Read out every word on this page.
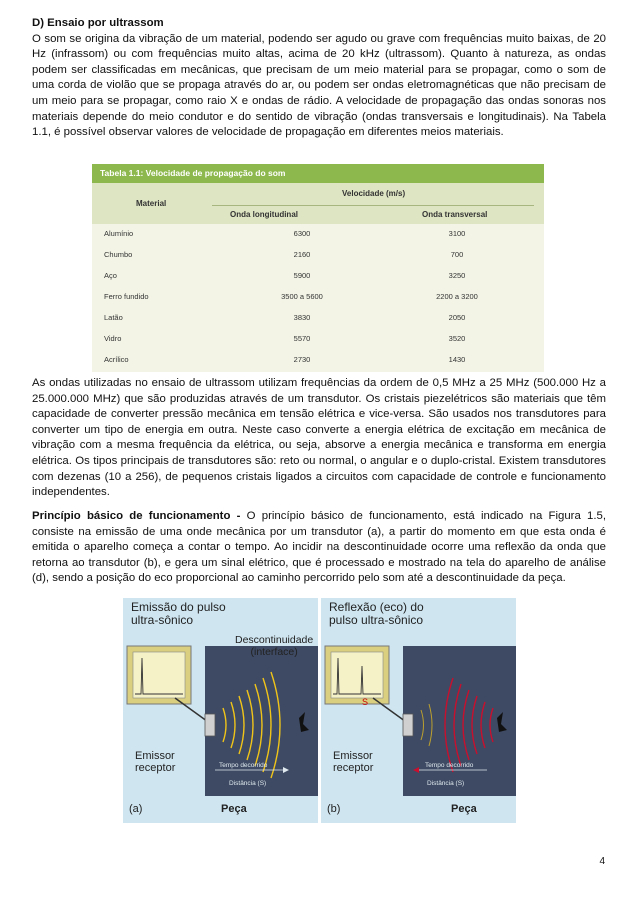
D) Ensaio por ultrassom

O som se origina da vibração de um material, podendo ser agudo ou grave com frequências muito baixas, de 20 Hz (infrassom) ou com frequências muito altas, acima de 20 kHz (ultrassom). Quanto à natureza, as ondas podem ser classificadas em mecânicas, que precisam de um meio material para se propagar, como o som de uma corda de violão que se propaga através do ar, ou podem ser ondas eletromagnéticas que não precisam de um meio para se propagar, como raio X e ondas de rádio. A velocidade de propagação das ondas sonoras nos materiais depende do meio condutor e do sentido de vibração (ondas transversais e longitudinais). Na Tabela 1.1, é possível observar valores de velocidade de propagação em diferentes meios materiais.

Tabela 1.1: Velocidade de propagação do som
Material
Velocidade (m/s)
Onda longitudinal	Onda transversal
Alumínio	6300	3100
Chumbo	2160	700
Aço	5900	3250
Ferro fundido	3500 a 5600	2200 a 3200
Latão	3830	2050
Vidro	5570	3520
Acrílico	2730	1430
As ondas utilizadas no ensaio de ultrassom utilizam frequências da ordem de 0,5 MHz a 25 MHz (500.000 Hz a 25.000.000 MHz) que são produzidas através de um transdutor. Os cristais piezelétricos são materiais que têm capacidade de converter pressão mecânica em tensão elétrica e vice-versa. São usados nos transdutores para converter um tipo de energia em outra. Neste caso converte a energia elétrica de excitação em mecânica de vibração com a mesma frequência da elétrica, ou seja, absorve a energia mecânica e transforma em energia elétrica. Os tipos principais de transdutores são: reto ou normal, o angular e o duplo-cristal. Existem transdutores com dezenas (10 a 256), de pequenos cristais ligados a circuitos com capacidade de controle e funcionamento independentes.
Princípio básico de funcionamento - O princípio básico de funcionamento, está indicado na Figura 1.5, consiste na emissão de uma onde mecânica por um transdutor (a), a partir do momento em que esta onda é emitida o aparelho começa a contar o tempo. Ao incidir na descontinuidade ocorre uma reflexão da onda que retorna ao transdutor (b), e gera um sinal elétrico, que é processado e mostrado na tela do aparelho de análise (d), sendo a posição do eco proporcional ao caminho percorrido pelo som até a descontinuidade da peça.
Emissão do pulso
ultra-sônico
Descontinuidade
(interface)
Emissor
receptor	Tempo decorrido
Distância (S)
(a)	Peça
Reflexão (eco) do
pulso ultra-sônico
S
Emissor
receptor	Tempo decorrido
Distância (S)
(b)	Peça
4
